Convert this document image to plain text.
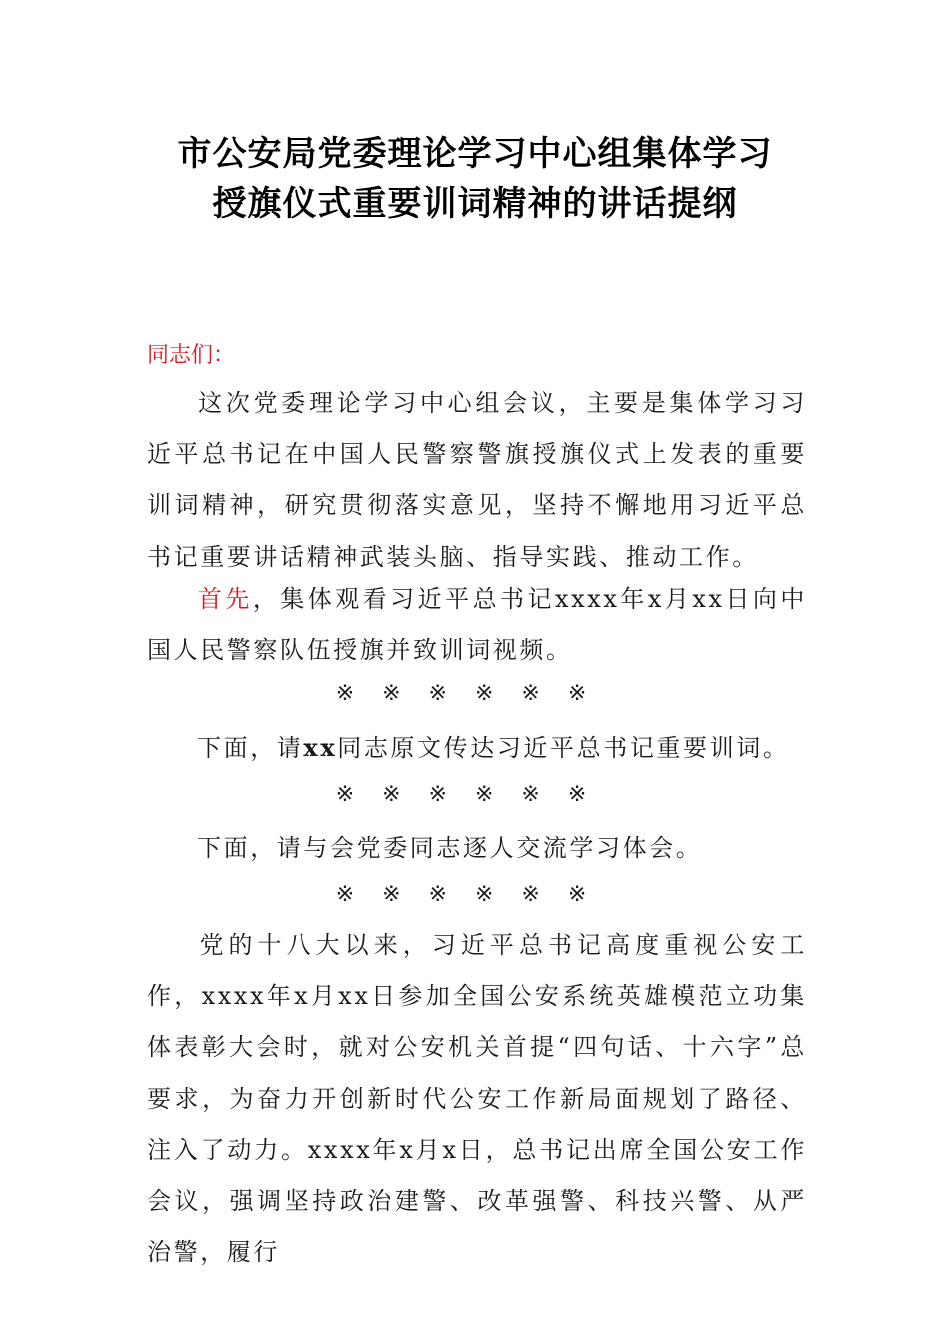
市公安局党委理论学习中心组集体学习
授旗仪式重要训词精神的讲话提纲
同志们：

这次党委理论学习中心组会议，主要是集体学习习近平总书记在中国人民警察警旗授旗仪式上发表的重要训词精神，研究贯彻落实意见，坚持不懈地用习近平总书记重要讲话精神武装头脑、指导实践、推动工作。

首先，集体观看习近平总书记xxxx年x月xx日向中国人民警察队伍授旗并致训词视频。

※※※※※※
下面，请xx同志原文传达习近平总书记重要训词。
※※※※※※
下面，请与会党委同志逐人交流学习体会。
※※※※※※

党的十八大以来，习近平总书记高度重视公安工作，xxxx年x月xx日参加全国公安系统英雄模范立功集体表彰大会时，就对公安机关首提“四句话、十六字”总要求，为奋力开创新时代公安工作新局面规划了路径、注入了动力。xxxx年x月x日，总书记出席全国公安工作会议，强调坚持政治建警、改革强警、科技兴警、从严治警，履行
